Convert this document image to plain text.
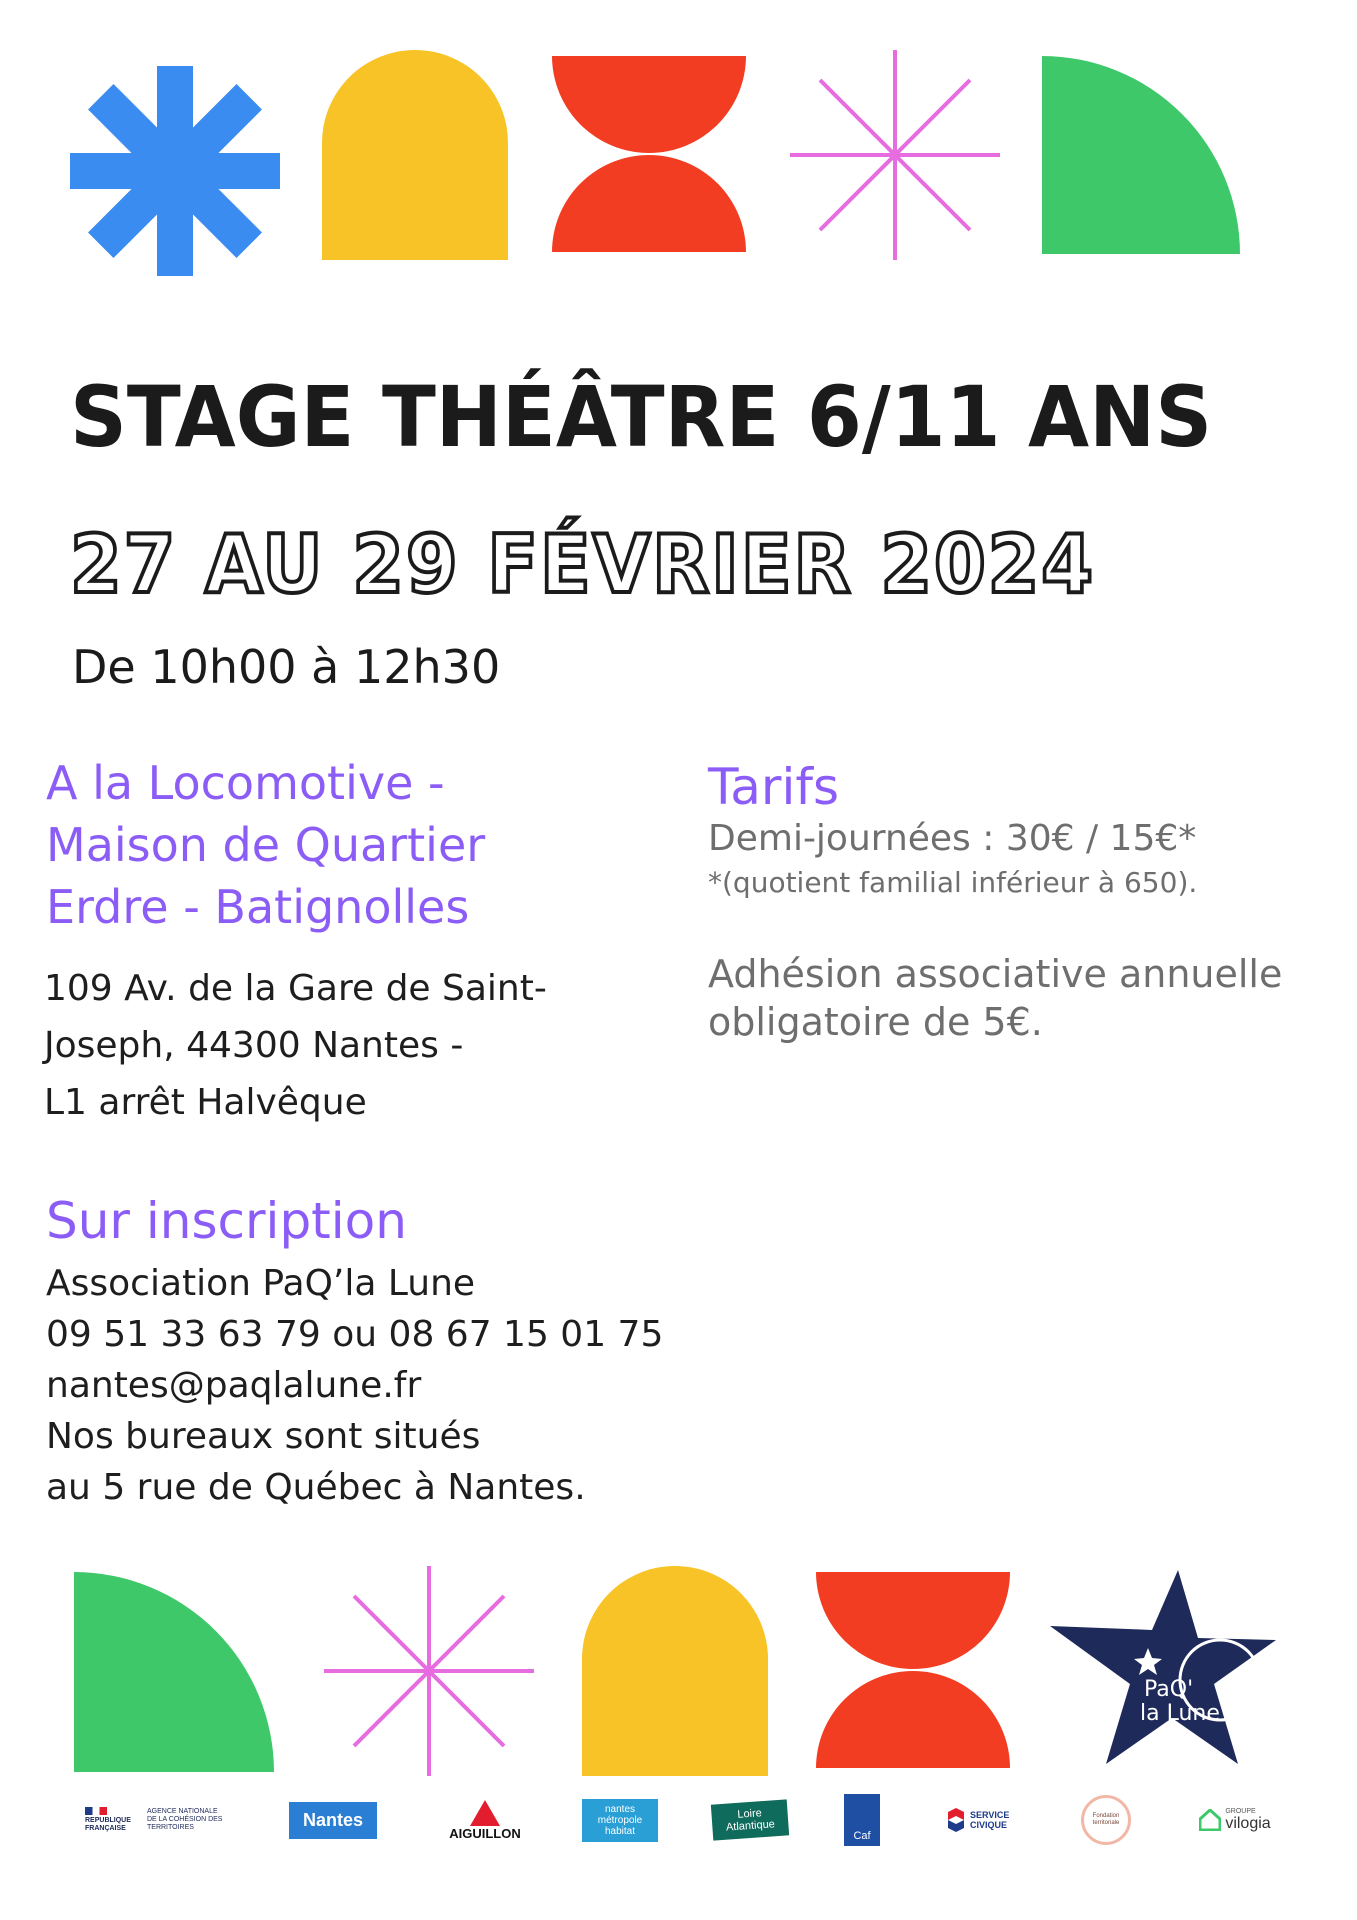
STAGE THÉÂTRE 6/11 ANS
27 AU 29 FÉVRIER 2024
De 10h00 à 12h30
A la Locomotive -
Maison de Quartier
Erdre - Batignolles
109 Av. de la Gare de Saint-
Joseph, 44300 Nantes -
L1 arrêt Halvêque
Sur inscription
Association PaQ’la Lune
09 51 33 63 79 ou 08 67 15 01 75
nantes@paqlalune.fr
Nos bureaux sont situés
au 5 rue de Québec à Nantes.
Tarifs
Demi-journées : 30€ / 15€*
*(quotient familial inférieur à 650).
Adhésion associative annuelle
obligatoire de 5€.
PaQ'
la Lune
REPUBLIQUE FRANÇAISE
AGENCE NATIONALE DE LA COHÉSION DES TERRITOIRES	Nantes
AIGUILLON
nantes métropole habitat
Loire Atlantique
Caf
SERVICE CIVIQUE
Fondation territoriale
GROUPE
vilogia
